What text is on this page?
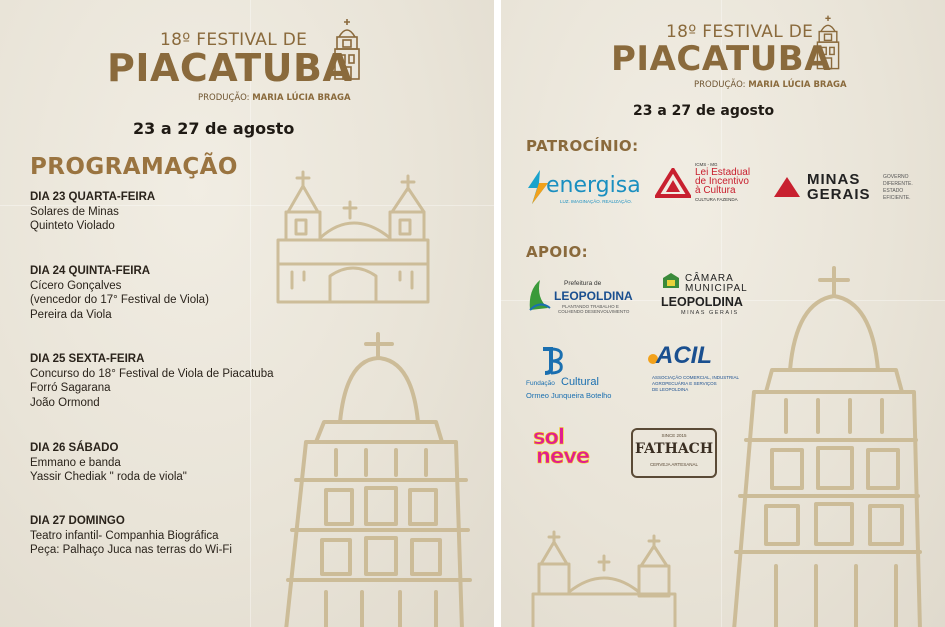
18º FESTIVAL DE
PIACATUBA
PRODUÇÃO: MARIA LÚCIA BRAGA
23 a 27 de agosto
PROGRAMAÇÃO
DIA 23 QUARTA-FEIRA
Solares de Minas
Quinteto Violado
DIA 24 QUINTA-FEIRA
Cícero Gonçalves
(vencedor do 17° Festival de Viola)
Pereira da Viola
DIA 25 SEXTA-FEIRA
Concurso do 18° Festival de Viola de Piacatuba
Forró Sagarana
João Ormond
DIA 26 SÁBADO
Emmano e banda
Yassir Chediak " roda de viola"
DIA 27 DOMINGO
Teatro infantil- Companhia Biográfica
Peça: Palhaço Juca nas terras do Wi-Fi
18º FESTIVAL DE
PIACATUBA
PRODUÇÃO: MARIA LÚCIA BRAGA
23 a 27 de agosto
PATROCÍNIO:
energisa
LUZ. IMAGINAÇÃO. REALIZAÇÃO.
ICMS - MG
Lei Estadual
de Incentivo
à Cultura
CULTURA FAZENDA
MINAS
GERAIS
GOVERNO
DIFERENTE.
ESTADO
EFICIENTE.
APOIO:
Prefeitura de
LEOPOLDINA
PLANTANDO TRABALHO E
COLHENDO DESENVOLVIMENTO
CÂMARA
MUNICIPAL
LEOPOLDINA
MINAS GERAIS
Fundação Cultural
Ormeo Junqueira Botelho
ACIL
ASSOCIAÇÃO COMERCIAL, INDUSTRIAL
AGROPECUÁRIA E SERVIÇOS
DE LEOPOLDINA
sol
neve
SINCE 2015
FATHACH
CERVEJA ARTESANAL
